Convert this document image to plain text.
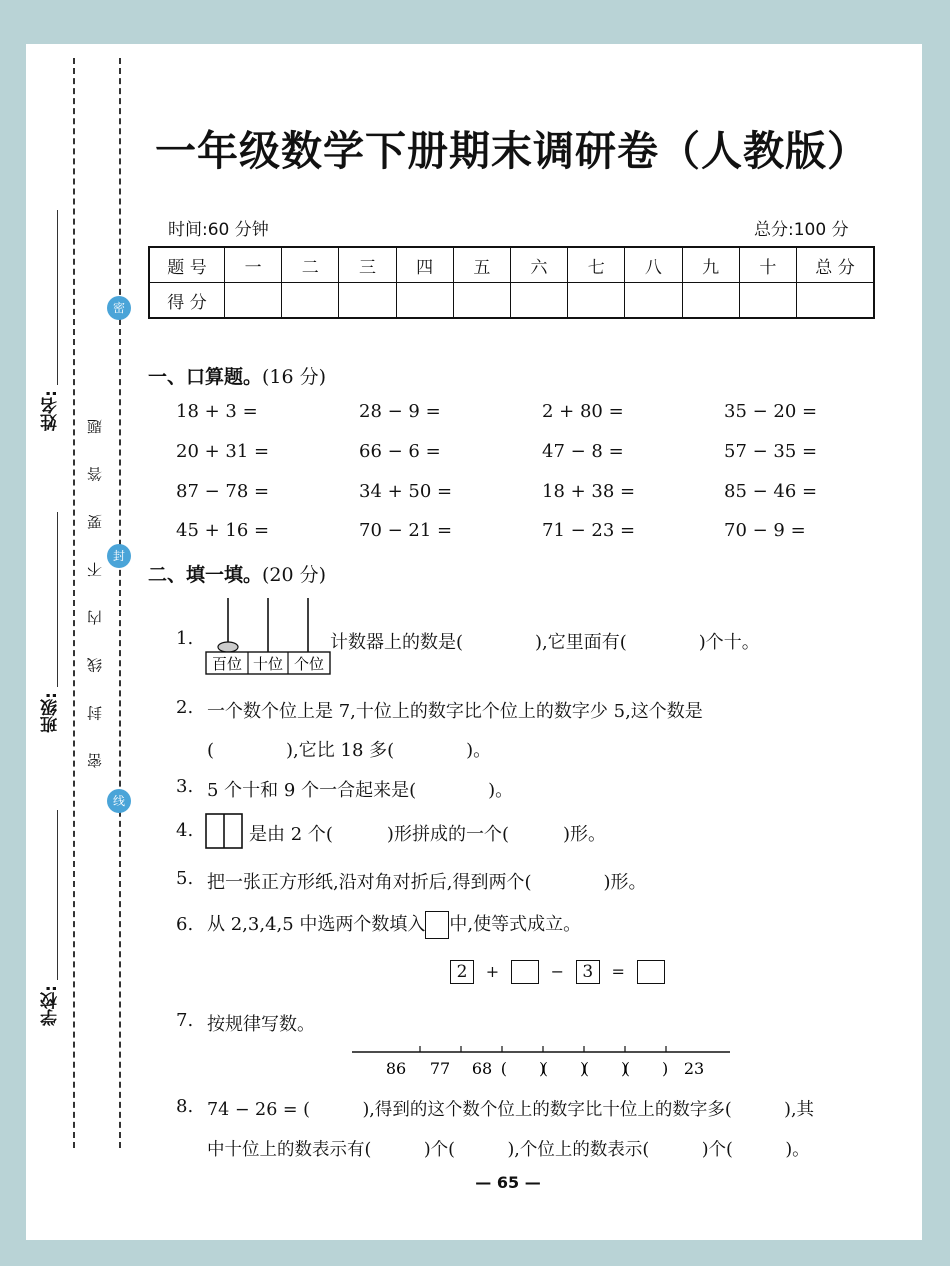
密
封
线
密 封 线 内 不 要 答 题
姓名:
班级:
学校:
一年级数学下册期末调研卷（人教版）
时间:60 分钟	总分:100 分
题 号	一	二	三	四	五	六	七	八	九	十	总 分
得 分											
一、口算题。(16 分)
18 + 3 =	28 − 9 =	2 + 80 =	35 − 20 =
20 + 31 =	66 − 6 =	47 − 8 =	57 − 35 =
87 − 78 =	34 + 50 =	18 + 38 =	85 − 46 =
45 + 16 =	70 − 21 =	71 − 23 =	70 − 9 =
二、填一填。(20 分)
1.
百位 十位 个位
计数器上的数是(　　　　),它里面有(　　　　)个十。
2. 一个数个位上是 7,十位上的数字比个位上的数字少 5,这个数是
(　　　　),它比 18 多(　　　　)。
3. 5 个十和 9 个一合起来是(　　　　)。
4.	是由 2 个(　　　)形拼成的一个(　　　)形。
5. 把一张正方形纸,沿对角对折后,得到两个(　　　　)形。
6. 从 2,3,4,5 中选两个数填入 中,使等式成立。
2 +	− 3 =
7. 按规律写数。
86 77 68 (　　)
(　　)
(　　)
(　　) 23
8. 74 − 26 = (　　　),得到的这个数个位上的数字比十位上的数字多(　　　),其
中十位上的数表示有(　　　)个(　　　),个位上的数表示(　　　)个(　　　)。
— 65 —
